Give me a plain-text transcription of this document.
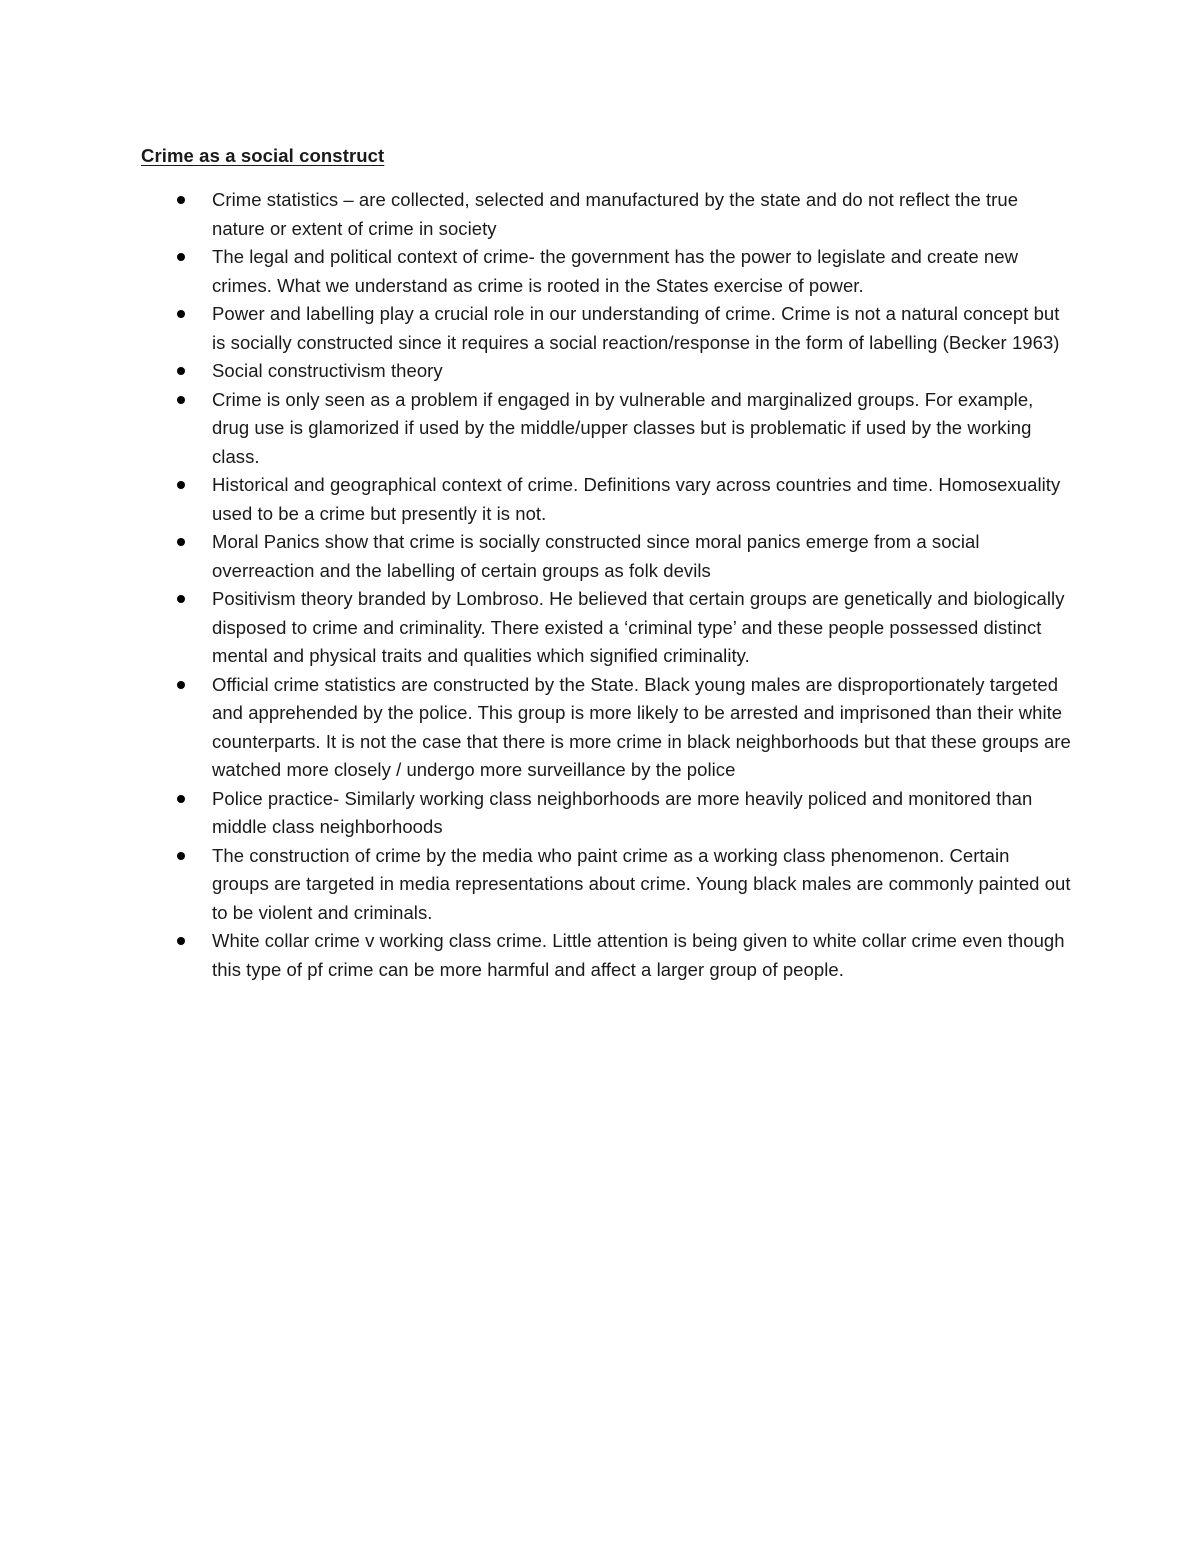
Crime as a social construct
Crime statistics – are collected, selected and manufactured by the state and do not reflect the true nature or extent of crime in society
The legal and political context of crime- the government has the power to legislate and create new crimes. What we understand as crime is rooted in the States exercise of power.
Power and labelling play a crucial role in our understanding of crime. Crime is not a natural concept but is socially constructed since it requires a social reaction/response in the form of labelling (Becker 1963)
Social constructivism theory
Crime is only seen as a problem if engaged in by vulnerable and marginalized groups. For example, drug use is glamorized if used by the middle/upper classes but is problematic if used by the working class.
Historical and geographical context of crime. Definitions vary across countries and time. Homosexuality used to be a crime but presently it is not.
Moral Panics show that crime is socially constructed since moral panics emerge from a social overreaction and the labelling of certain groups as folk devils
Positivism theory branded by Lombroso. He believed that certain groups are genetically and biologically disposed to crime and criminality. There existed a ‘criminal type’ and these people possessed distinct mental and physical traits and qualities which signified criminality.
Official crime statistics are constructed by the State. Black young males are disproportionately targeted and apprehended by the police. This group is more likely to be arrested and imprisoned than their white counterparts. It is not the case that there is more crime in black neighborhoods but that these groups are watched more closely / undergo more surveillance by the police
Police practice- Similarly working class neighborhoods are more heavily policed and monitored than middle class neighborhoods
The construction of crime by the media who paint crime as a working class phenomenon. Certain groups are targeted in media representations about crime. Young black males are commonly painted out to be violent and criminals.
White collar crime v working class crime. Little attention is being given to white collar crime even though this type of pf crime can be more harmful and affect a larger group of people.
